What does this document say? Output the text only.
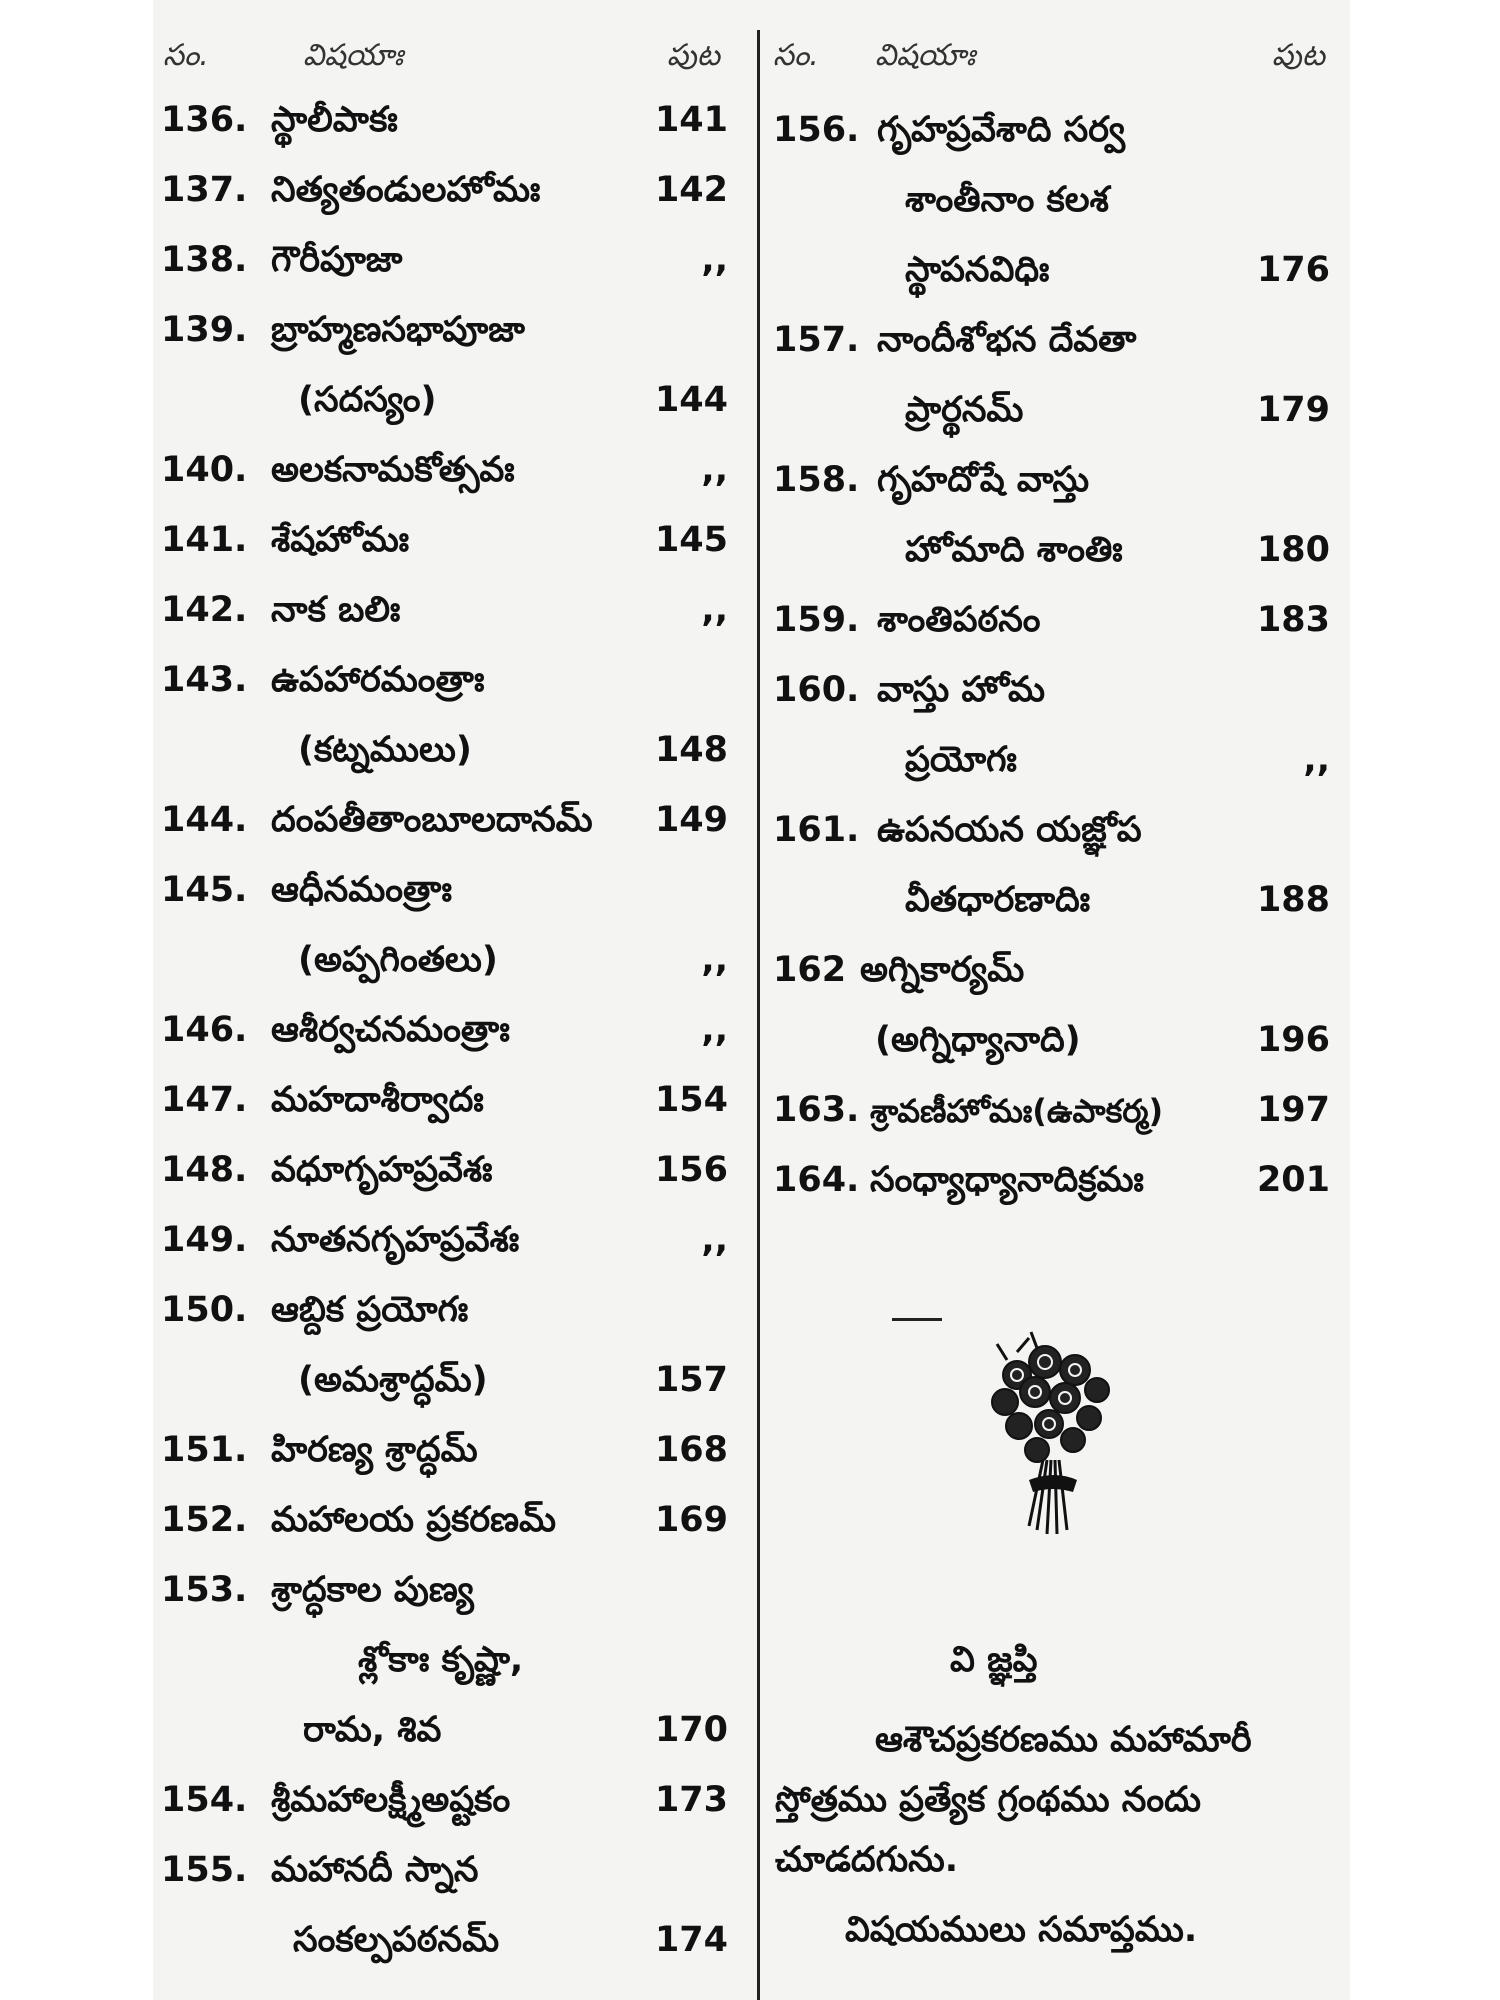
సం.	విషయాః	పుట
136. స్థాలీపాకః	141
137. నిత్యతండులహోమః	142
138. గౌరీపూజా	,,
139. బ్రాహ్మణసభాపూజా
(సదస్యం)	144
140. అలకనామకోత్సవః	,,
141. శేషహోమః	145
142. నాక బలిః	,,
143. ఉపహారమంత్రాః
(కట్నములు)	148
144. దంపతీతాంబూలదానమ్ 149
145. ఆధీనమంత్రాః
(అప్పగింతలు)	,,
146. ఆశీర్వచనమంత్రాః	,,
147. మహదాశీర్వాదః	154
148. వధూగృహప్రవేశః	156
149. నూతనగృహప్రవేశః	,,
150. ఆబ్దిక ప్రయోగః
(అమశ్రాద్ధమ్)	157
151. హిరణ్య శ్రాద్ధమ్	168
152. మహాలయ ప్రకరణమ్	169
153. శ్రాద్ధకాల పుణ్య
శ్లోకాః కృష్ణా,
రామ, శివ	170
154. శ్రీమహాలక్ష్మీఅష్టకం	173
155. మహానదీ స్నాన
సంకల్పపఠనమ్	174
సం. విషయాః	పుట
156. గృహప్రవేశాది సర్వ
శాంతీనాం కలశ
స్థాపనవిధిః	176
157. నాందీశోభన దేవతా
ప్రార్థనమ్	179
158. గృహదోషే వాస్తు
హోమాది శాంతిః	180
159. శాంతిపఠనం	183
160. వాస్తు హోమ
ప్రయోగః	,,
161. ఉపనయన యజ్ఞోప
వీతధారణాదిః	188
162 అగ్నికార్యమ్
(అగ్నిధ్యానాది)	196
163. శ్రావణీహోమః(ఉపాకర్మ)	197
164. సంధ్యాధ్యానాదిక్రమః	201
వి జ్ఞప్తి
ఆశౌచప్రకరణము మహామారీ
స్తోత్రము ప్రత్యేక గ్రంథము నందు
చూడదగును.
విషయములు సమాప్తము.
